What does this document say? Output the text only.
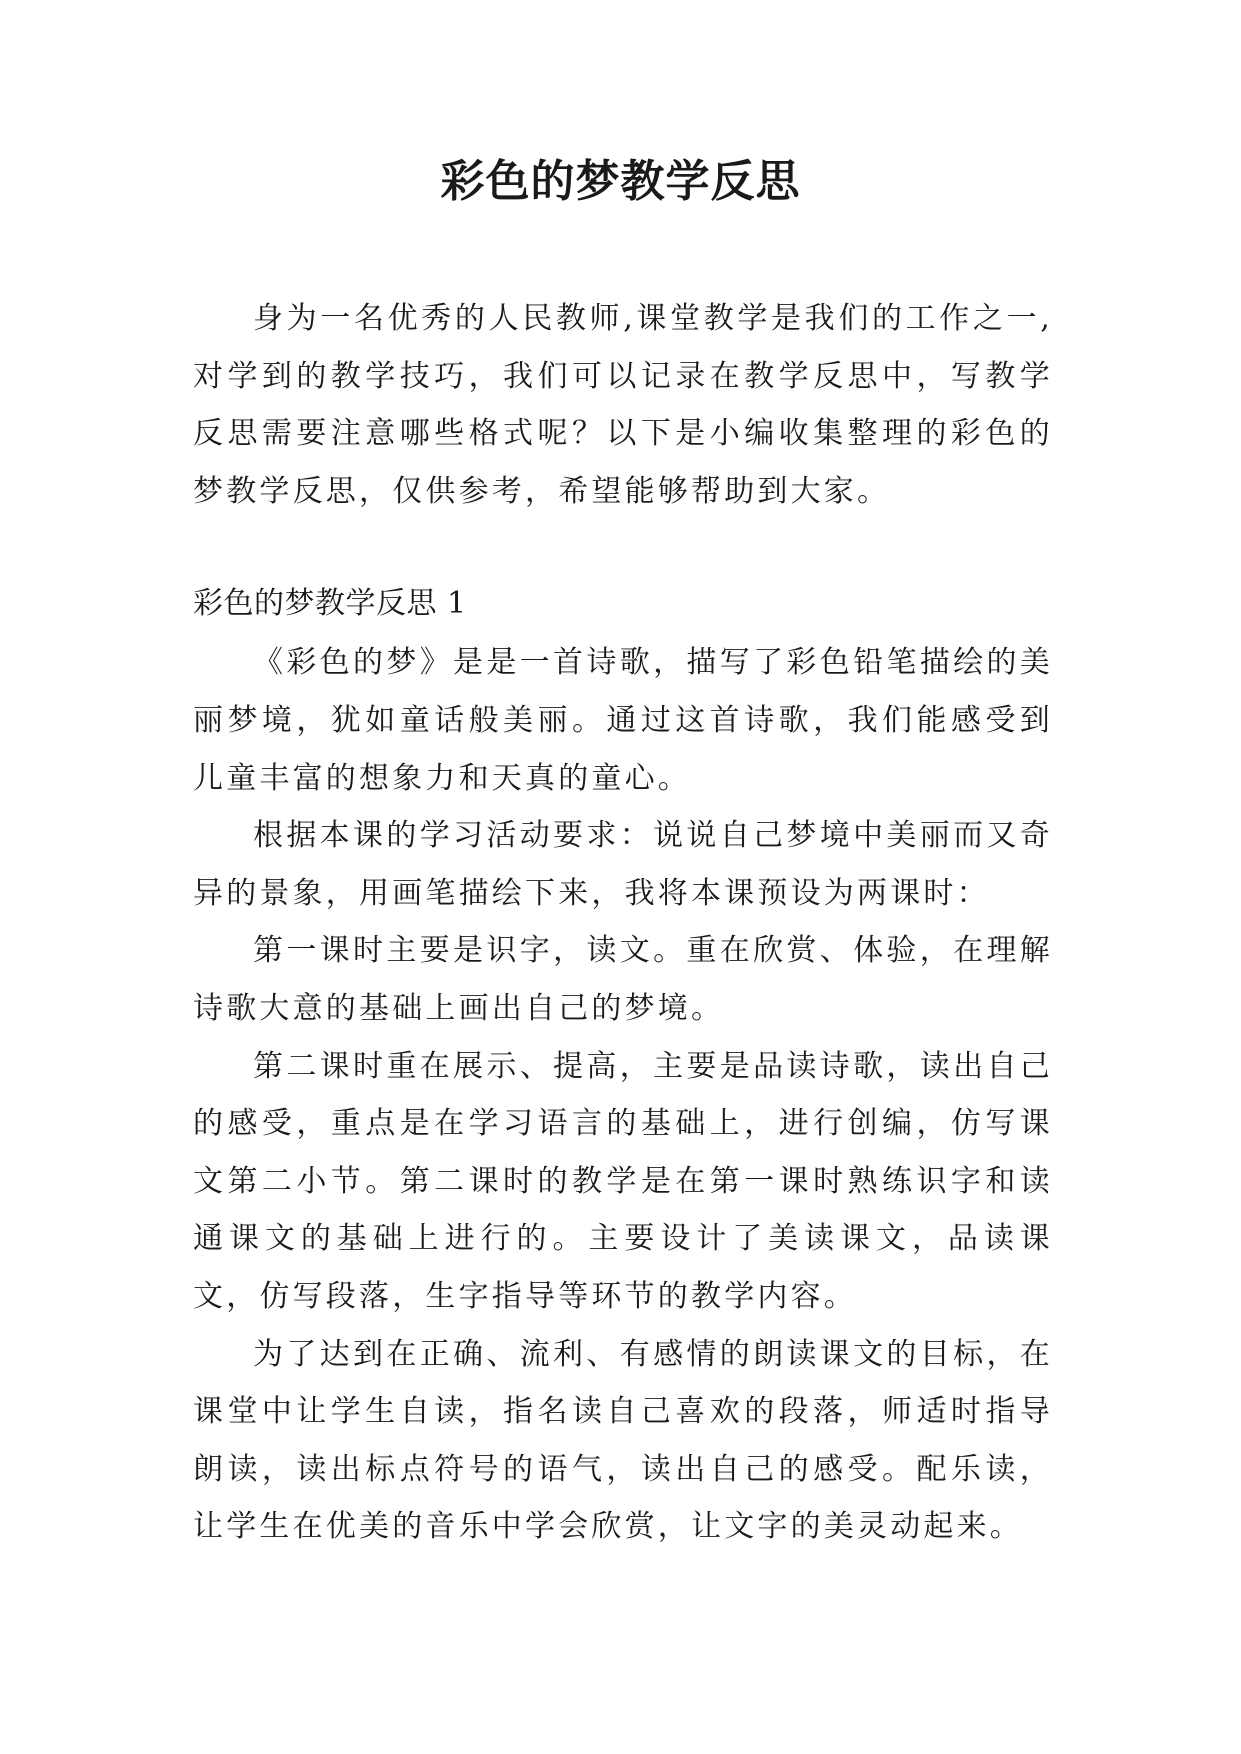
彩色的梦教学反思

身为一名优秀的人民教师,课堂教学是我们的工作之一,对学到的教学技巧，我们可以记录在教学反思中，写教学反思需要注意哪些格式呢？以下是小编收集整理的彩色的梦教学反思，仅供参考，希望能够帮助到大家。

彩色的梦教学反思 1

《彩色的梦》是是一首诗歌，描写了彩色铅笔描绘的美丽梦境，犹如童话般美丽。通过这首诗歌，我们能感受到儿童丰富的想象力和天真的童心。

根据本课的学习活动要求：说说自己梦境中美丽而又奇异的景象，用画笔描绘下来，我将本课预设为两课时：

第一课时主要是识字，读文。重在欣赏、体验，在理解诗歌大意的基础上画出自己的梦境。

第二课时重在展示、提高，主要是品读诗歌，读出自己的感受，重点是在学习语言的基础上，进行创编，仿写课文第二小节。第二课时的教学是在第一课时熟练识字和读通课文的基础上进行的。主要设计了美读课文，品读课文，仿写段落，生字指导等环节的教学内容。

为了达到在正确、流利、有感情的朗读课文的目标，在课堂中让学生自读，指名读自己喜欢的段落，师适时指导朗读，读出标点符号的语气，读出自己的感受。配乐读，让学生在优美的音乐中学会欣赏，让文字的美灵动起来。
